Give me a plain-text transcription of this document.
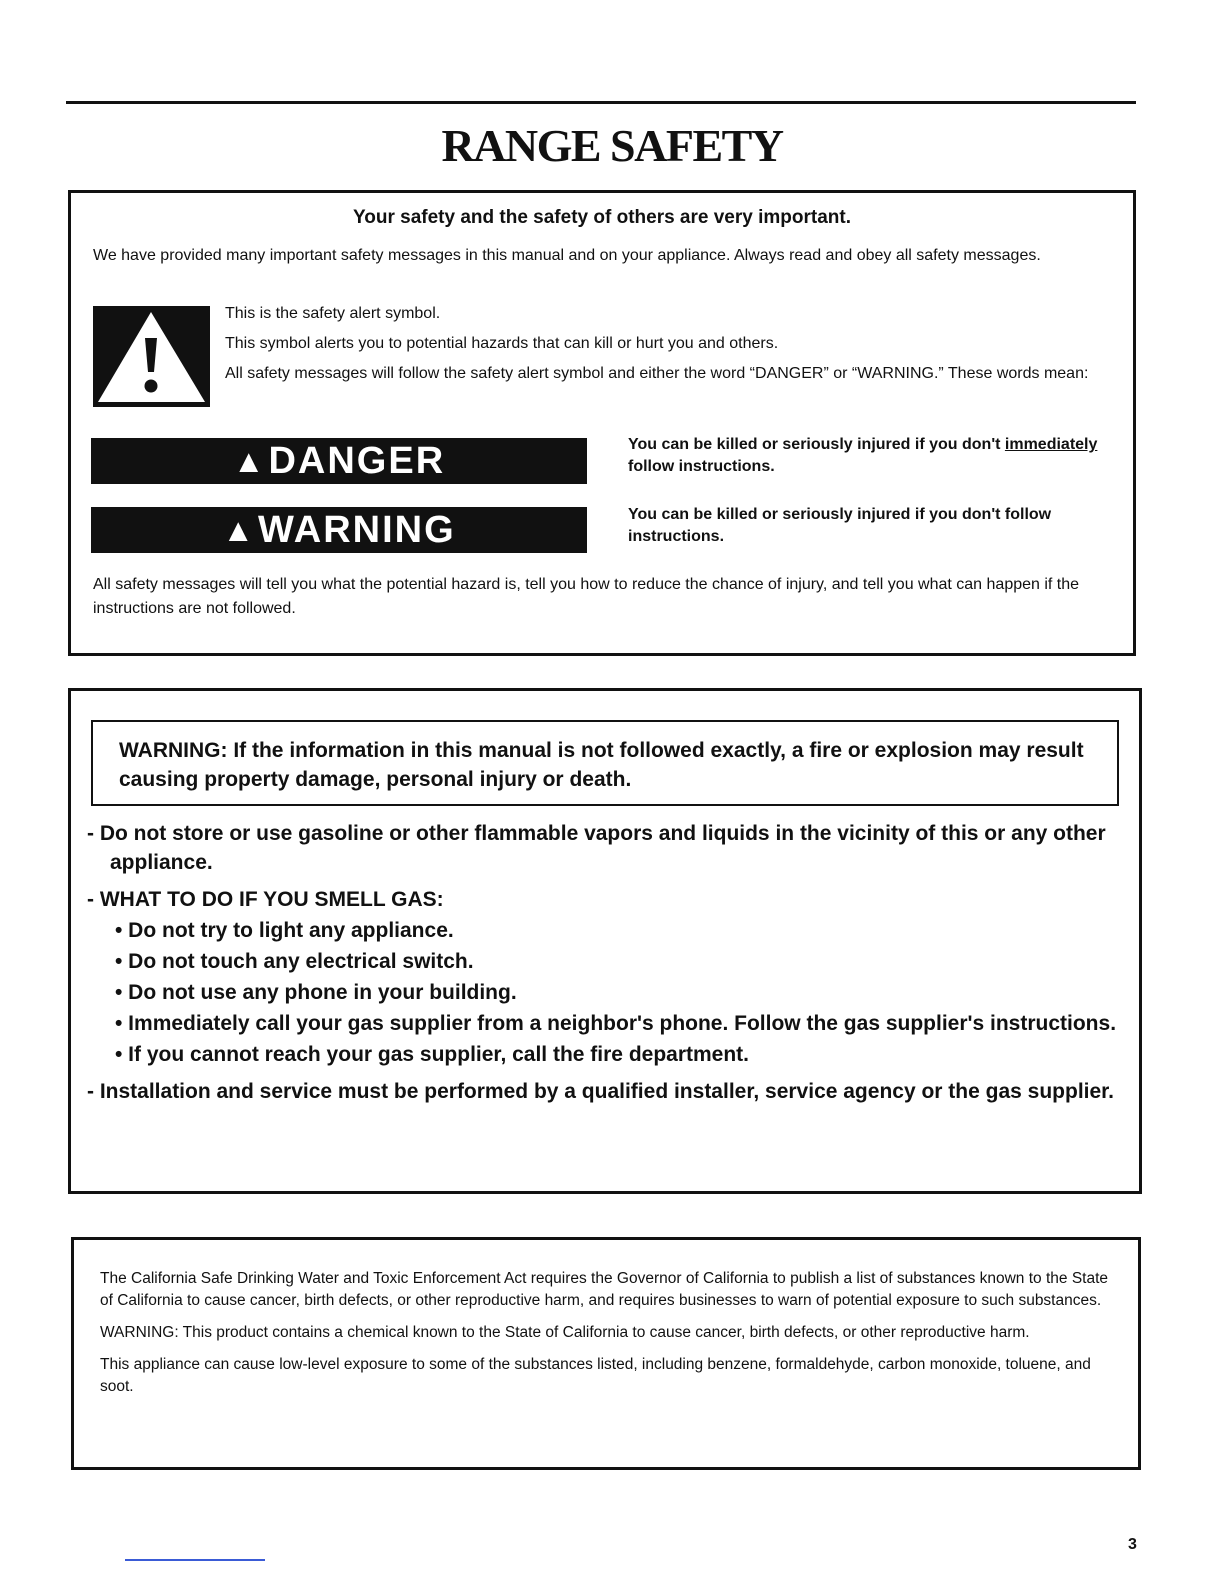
RANGE SAFETY
Your safety and the safety of others are very important.
We have provided many important safety messages in this manual and on your appliance. Always read and obey all safety messages.
This is the safety alert symbol.
This symbol alerts you to potential hazards that can kill or hurt you and others.
All safety messages will follow the safety alert symbol and either the word “DANGER” or “WARNING.” These words mean:
▲ DANGER	You can be killed or seriously injured if you don't immediately follow instructions.
▲ WARNING	You can be killed or seriously injured if you don't follow instructions.
All safety messages will tell you what the potential hazard is, tell you how to reduce the chance of injury, and tell you what can happen if the instructions are not followed.
WARNING: If the information in this manual is not followed exactly, a fire or explosion may result causing property damage, personal injury or death.
- Do not store or use gasoline or other flammable vapors and liquids in the vicinity of this or any other appliance.
- WHAT TO DO IF YOU SMELL GAS:
• Do not try to light any appliance.
• Do not touch any electrical switch.
• Do not use any phone in your building.
• Immediately call your gas supplier from a neighbor's phone. Follow the gas supplier's instructions.
• If you cannot reach your gas supplier, call the fire department.
- Installation and service must be performed by a qualified installer, service agency or the gas supplier.

The California Safe Drinking Water and Toxic Enforcement Act requires the Governor of California to publish a list of substances known to the State of California to cause cancer, birth defects, or other reproductive harm, and requires businesses to warn of potential exposure to such substances.

WARNING: This product contains a chemical known to the State of California to cause cancer, birth defects, or other reproductive harm.

This appliance can cause low-level exposure to some of the substances listed, including benzene, formaldehyde, carbon monoxide, toluene, and soot.

3
